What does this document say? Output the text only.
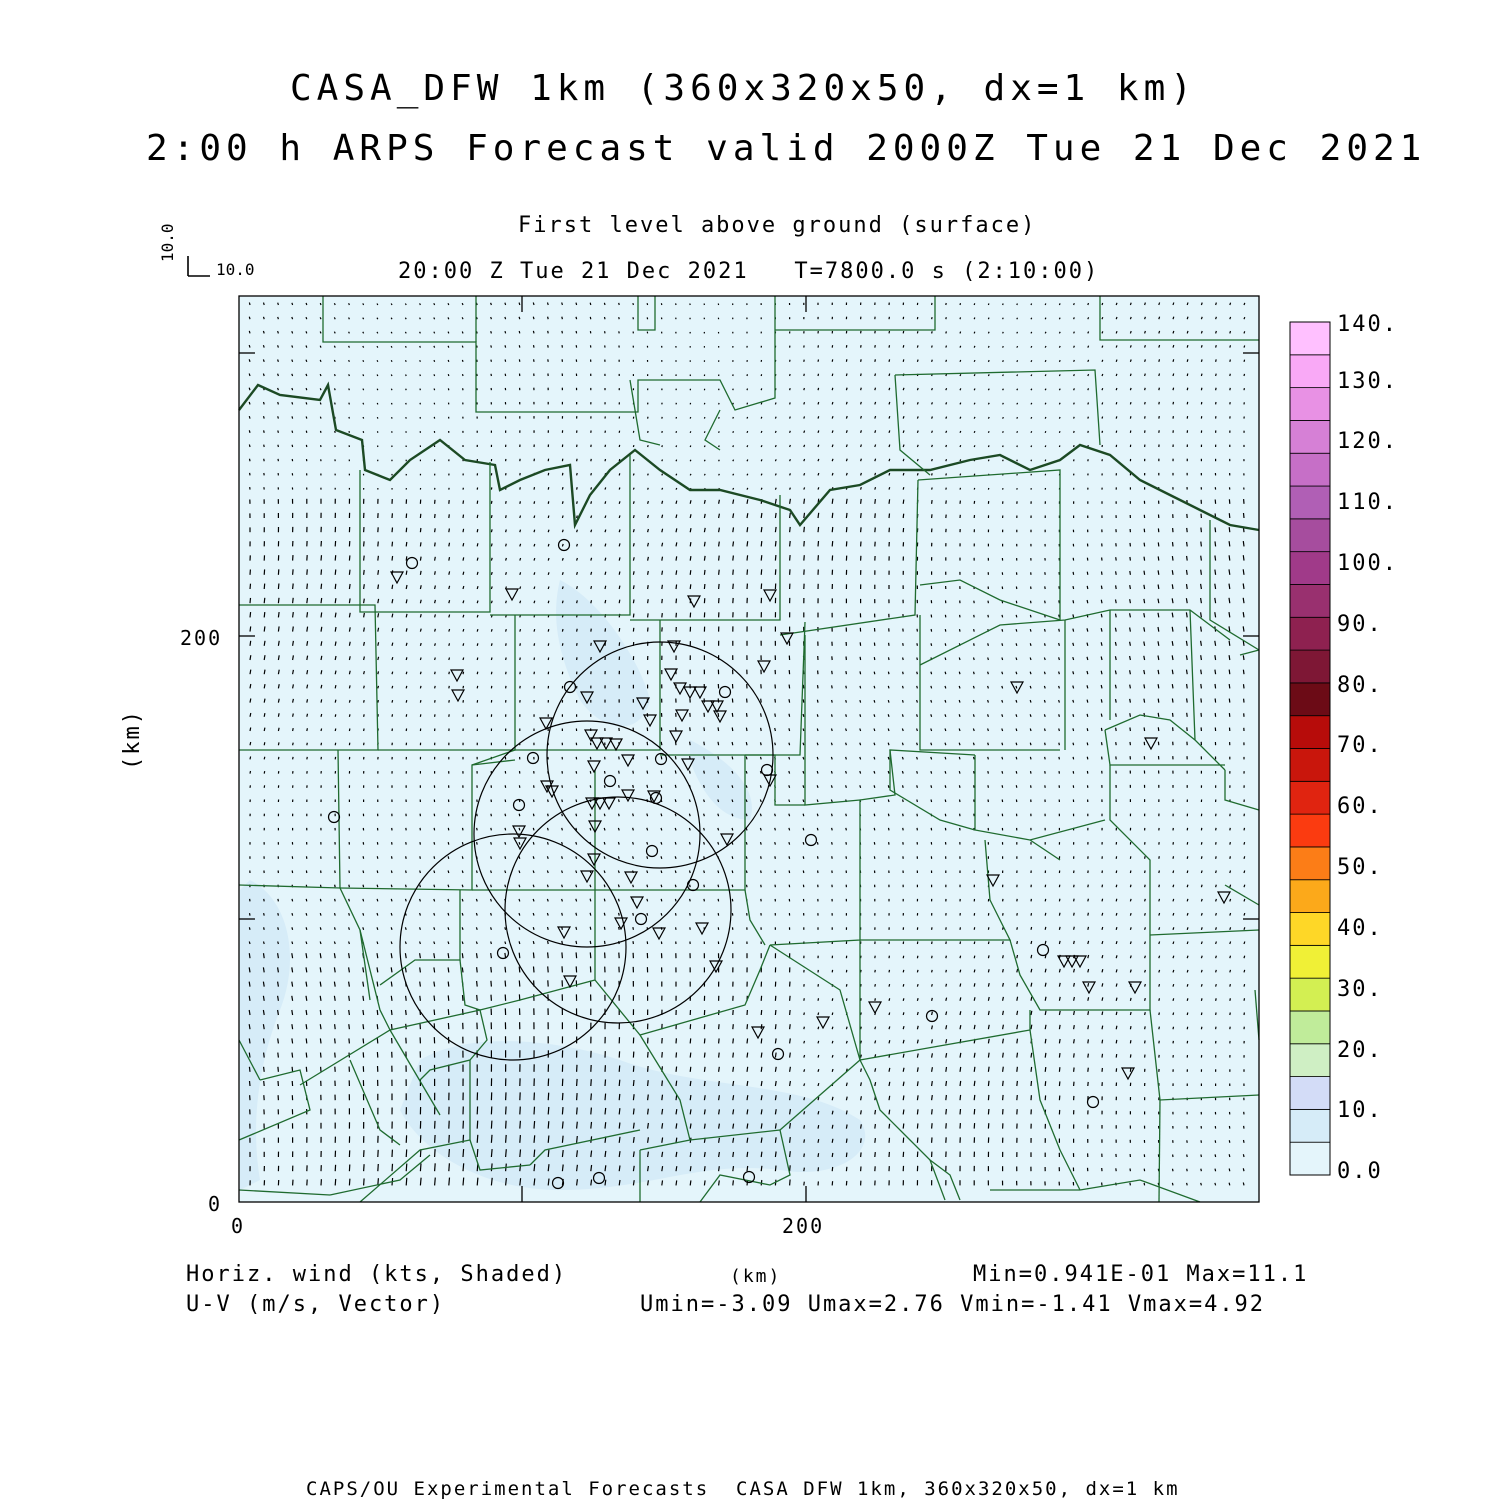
CASA_DFW 1km (360x320x50, dx=1 km)
2:00 h ARPS Forecast valid 2000Z Tue 21 Dec 2021
First level above ground (surface)
20:00 Z Tue 21 Dec 2021   T=7800.0 s (2:10:00)
10.0
10.0
(km)
200
0
0	200
(km)
Horiz. wind (kts, Shaded)
U-V (m/s, Vector)
Min=0.941E-01 Max=11.1
Umin=-3.09 Umax=2.76 Vmin=-1.41 Vmax=4.92
CAPS/OU Experimental Forecasts  CASA DFW 1km, 360x320x50, dx=1 km
140.
130.
120.
110.
100.
90.
80.
70.
60.
50.
40.
30.
20.
10.
0.0
